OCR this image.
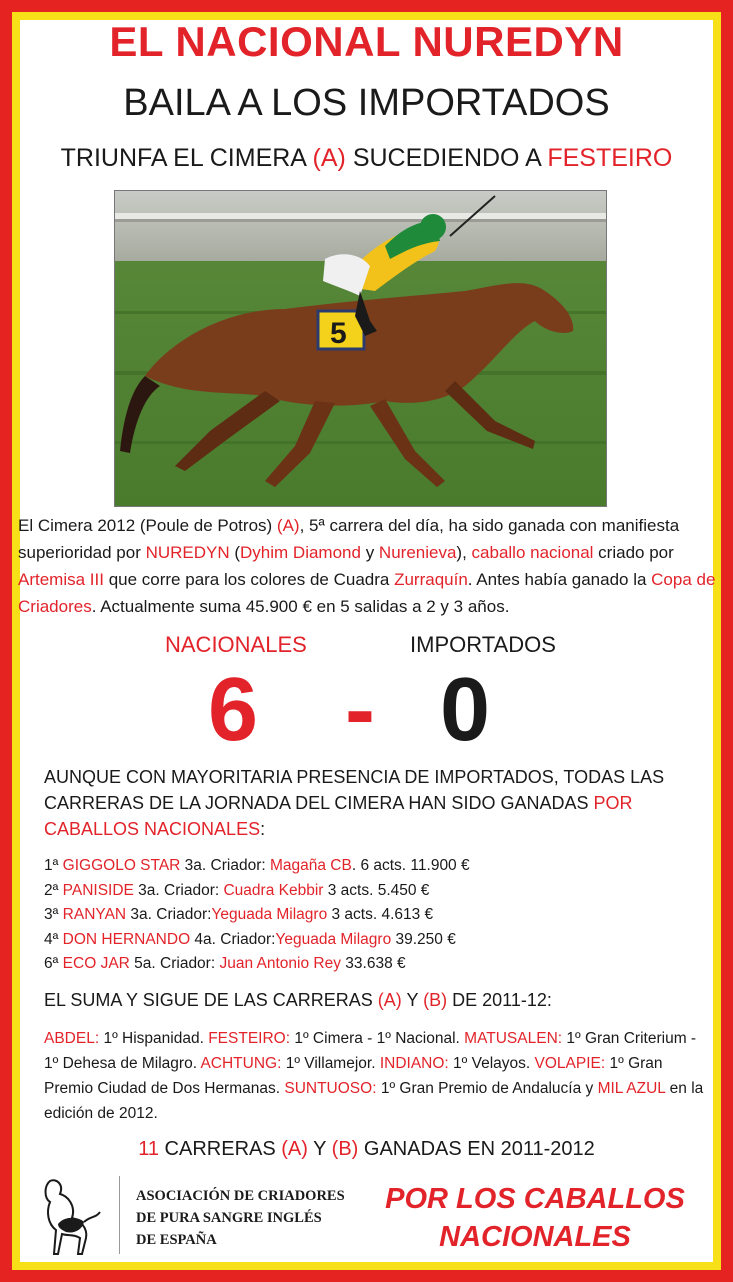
EL NACIONAL NUREDYN
BAILA A LOS IMPORTADOS
TRIUNFA EL CIMERA (A) SUCEDIENDO A FESTEIRO
5
El Cimera 2012 (Poule de Potros) (A), 5ª carrera del día, ha sido ganada con manifiesta superioridad por NUREDYN (Dyhim Diamond y Nurenieva), caballo nacional criado por Artemisa III que corre para los colores de Cuadra Zurraquín. Antes había ganado la Copa de Criadores. Actualmente suma 45.900 € en 5 salidas a 2 y 3 años.
NACIONALES	IMPORTADOS
6 - 0
AUNQUE CON MAYORITARIA PRESENCIA DE IMPORTADOS, TODAS LAS CARRERAS DE LA JORNADA DEL CIMERA HAN SIDO GANADAS POR CABALLOS NACIONALES:
1ª GIGGOLO STAR 3a. Criador: Magaña CB. 6 acts. 11.900 €
2ª PANISIDE 3a. Criador: Cuadra Kebbir 3 acts. 5.450 €
3ª RANYAN 3a. Criador:Yeguada Milagro 3 acts. 4.613 €
4ª DON HERNANDO 4a. Criador:Yeguada Milagro 39.250 €
6ª ECO JAR 5a. Criador: Juan Antonio Rey 33.638 €
EL SUMA Y SIGUE DE LAS CARRERAS (A) Y (B) DE 2011-12:
ABDEL: 1º Hispanidad. FESTEIRO: 1º Cimera - 1º Nacional. MATUSALEN: 1º Gran Criterium - 1º Dehesa de Milagro. ACHTUNG: 1º Villamejor. INDIANO: 1º Velayos. VOLAPIE: 1º Gran Premio Ciudad de Dos Hermanas. SUNTUOSO: 1º Gran Premio de Andalucía y MIL AZUL en la edición de 2012.
11 CARRERAS (A) Y (B) GANADAS EN 2011-2012
ASOCIACIÓN DE CRIADORES
DE PURA SANGRE INGLÉS
DE ESPAÑA
POR LOS CABALLOS
NACIONALES
